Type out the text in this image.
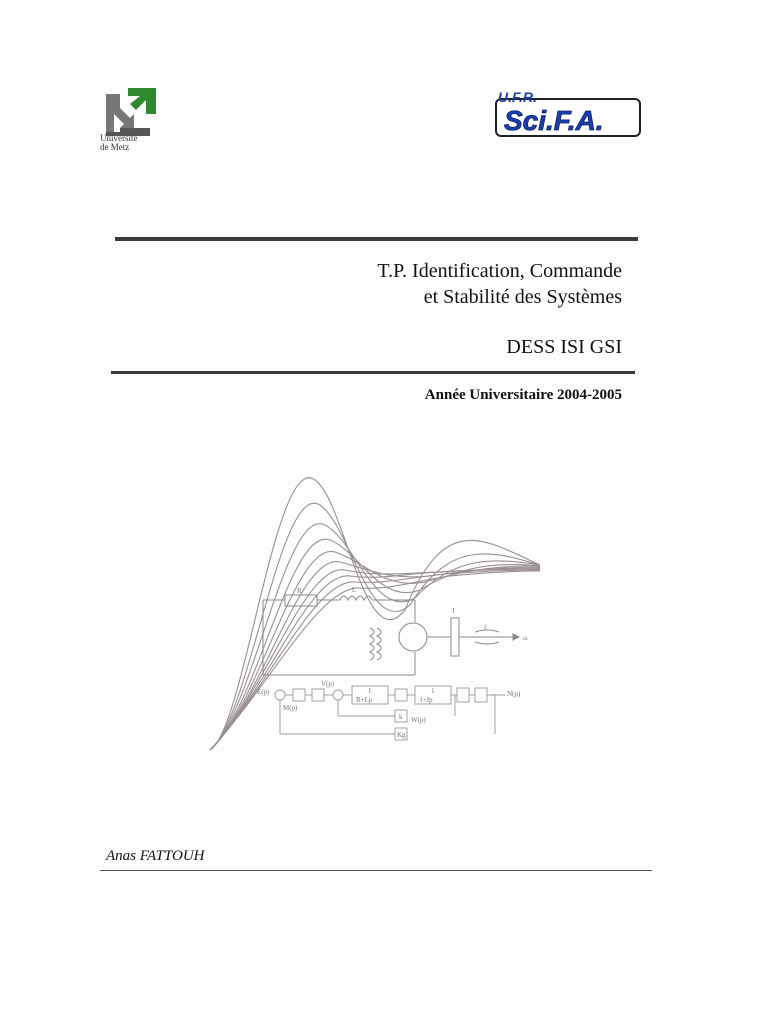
Université
de Metz
U.F.R.
Sci.F.A.
T.P. Identification, Commande
et Stabilité des Systèmes
DESS ISI GSI
Année Universitaire 2004-2005
R	L
J
f
ω
E(p)
V(p)
M(p)
N(p)
W(p)
1
R+Lp
1
f+Jp
k
Kg
Anas FATTOUH
